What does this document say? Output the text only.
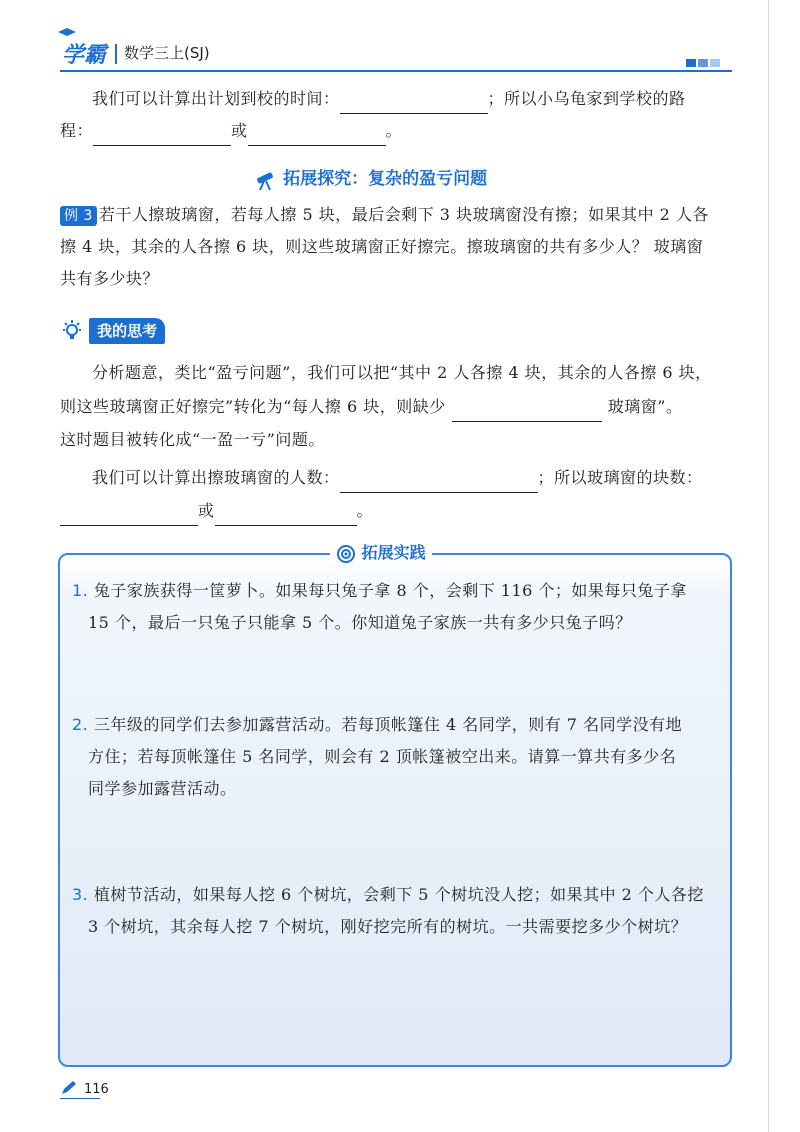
学霸 数学三上(SJ)
我们可以计算出计划到校的时间：	；所以小乌龟家到学校的路
程：	或	。
拓展探究：复杂的盈亏问题
例 3 若干人擦玻璃窗，若每人擦 5 块，最后会剩下 3 块玻璃窗没有擦；如果其中 2 人各
擦 4 块，其余的人各擦 6 块，则这些玻璃窗正好擦完。擦玻璃窗的共有多少人？ 玻璃窗
共有多少块？
我的思考
分析题意，类比“盈亏问题”，我们可以把“其中 2 人各擦 4 块，其余的人各擦 6 块，
则这些玻璃窗正好擦完”转化为“每人擦 6 块，则缺少	玻璃窗”。
这时题目被转化成“一盈一亏”问题。
我们可以计算出擦玻璃窗的人数：	；所以玻璃窗的块数：
或	。
拓展实践
1. 兔子家族获得一筐萝卜。如果每只兔子拿 8 个，会剩下 116 个；如果每只兔子拿
15 个，最后一只兔子只能拿 5 个。你知道兔子家族一共有多少只兔子吗？
2. 三年级的同学们去参加露营活动。若每顶帐篷住 4 名同学，则有 7 名同学没有地
方住；若每顶帐篷住 5 名同学，则会有 2 顶帐篷被空出来。请算一算共有多少名
同学参加露营活动。
3. 植树节活动，如果每人挖 6 个树坑，会剩下 5 个树坑没人挖；如果其中 2 个人各挖
3 个树坑，其余每人挖 7 个树坑，刚好挖完所有的树坑。一共需要挖多少个树坑？
116
